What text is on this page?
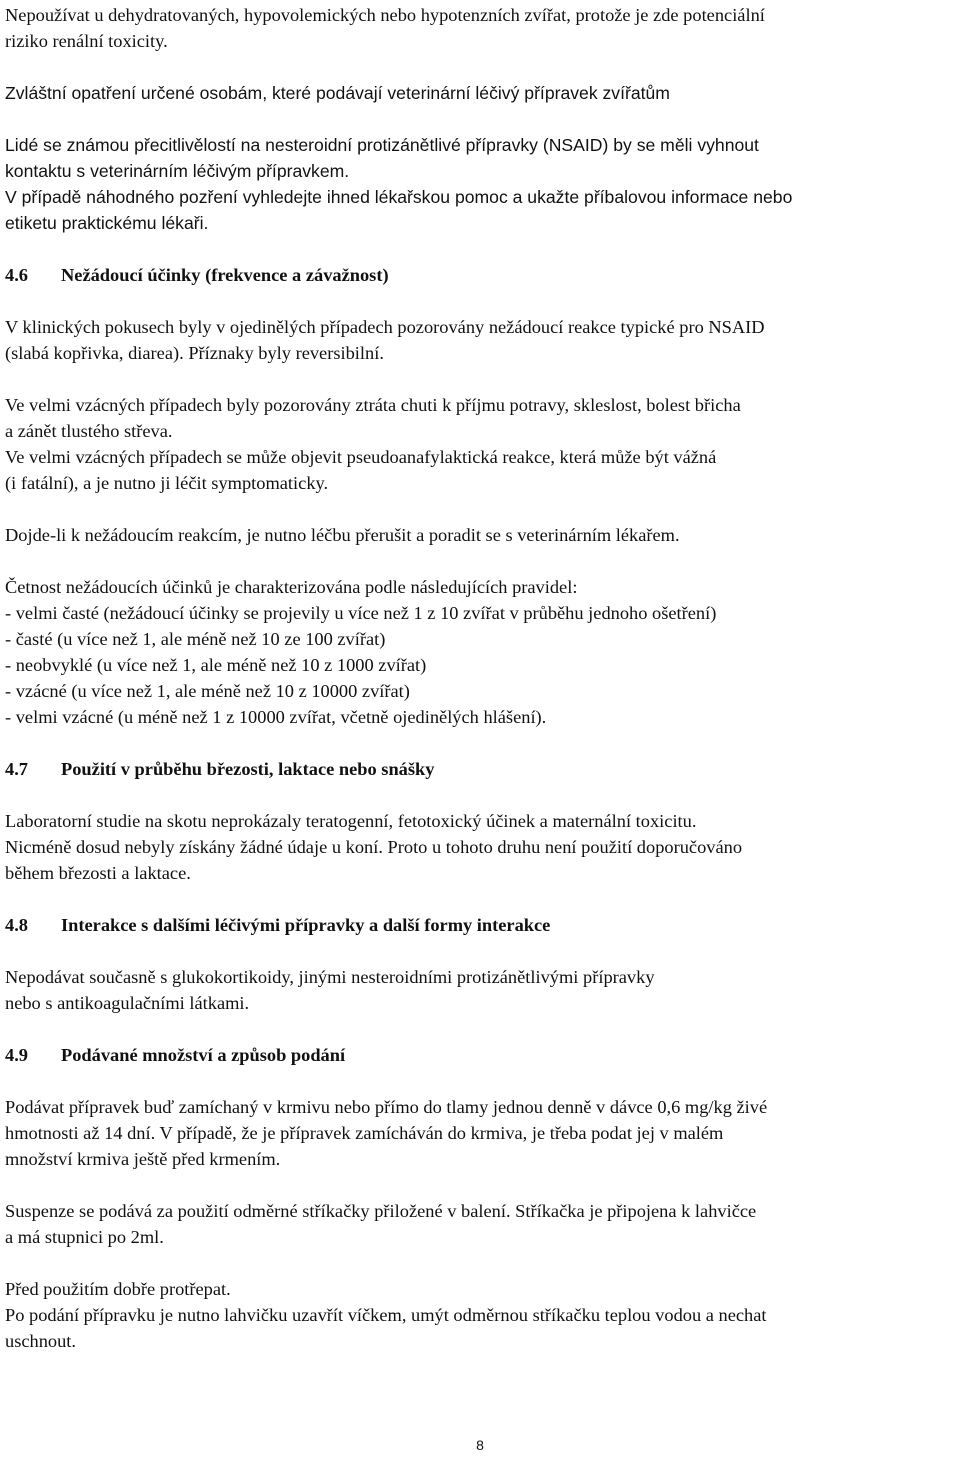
Nepoužívat u dehydratovaných, hypovolemických nebo hypotenzních zvířat, protože je zde potenciální
riziko renální toxicity.
Zvláštní opatření určené osobám, které podávají veterinární léčivý přípravek zvířatům
Lidé se známou přecitlivělostí na nesteroidní protizánětlivé přípravky (NSAID) by se měli vyhnout
kontaktu s veterinárním léčivým přípravkem.
V případě náhodného pozření vyhledejte ihned lékařskou pomoc a ukažte příbalovou informace nebo
etiketu praktickému lékaři.
4.6 Nežádoucí účinky (frekvence a závažnost)
V klinických pokusech byly v ojedinělých případech pozorovány nežádoucí reakce typické pro NSAID
(slabá kopřivka, diarea). Příznaky byly reversibilní.
Ve velmi vzácných případech byly pozorovány ztráta chuti k příjmu potravy, skleslost, bolest břicha
a zánět tlustého střeva.
Ve velmi vzácných případech se může objevit pseudoanafylaktická reakce, která může být vážná
(i fatální), a je nutno ji léčit symptomaticky.
Dojde-li k nežádoucím reakcím, je nutno léčbu přerušit a poradit se s veterinárním lékařem.
Četnost nežádoucích účinků je charakterizována podle následujících pravidel:
- velmi časté (nežádoucí účinky se projevily u více než 1 z 10 zvířat v průběhu jednoho ošetření)
- časté (u více než 1, ale méně než 10 ze 100 zvířat)
- neobvyklé (u více než 1, ale méně než 10 z 1000 zvířat)
- vzácné (u více než 1, ale méně než 10 z 10000 zvířat)
- velmi vzácné (u méně než 1 z 10000 zvířat, včetně ojedinělých hlášení).
4.7 Použití v průběhu březosti, laktace nebo snášky
Laboratorní studie na skotu neprokázaly teratogenní, fetotoxický účinek a maternální toxicitu.
Nicméně dosud nebyly získány žádné údaje u koní. Proto u tohoto druhu není použití doporučováno
během březosti a laktace.
4.8 Interakce s dalšími léčivými přípravky a další formy interakce
Nepodávat současně s glukokortikoidy, jinými nesteroidními protizánětlivými přípravky
nebo s antikoagulačními látkami.
4.9 Podávané množství a způsob podání
Podávat přípravek buď zamíchaný v krmivu nebo přímo do tlamy jednou denně v dávce 0,6 mg/kg živé
hmotnosti až 14 dní. V případě, že je přípravek zamícháván do krmiva, je třeba podat jej v malém
množství krmiva ještě před krmením.
Suspenze se podává za použití odměrné stříkačky přiložené v balení. Stříkačka je připojena k lahvičce
a má stupnici po 2ml.
Před použitím dobře protřepat.
Po podání přípravku je nutno lahvičku uzavřít víčkem, umýt odměrnou stříkačku teplou vodou a nechat
uschnout.
8
